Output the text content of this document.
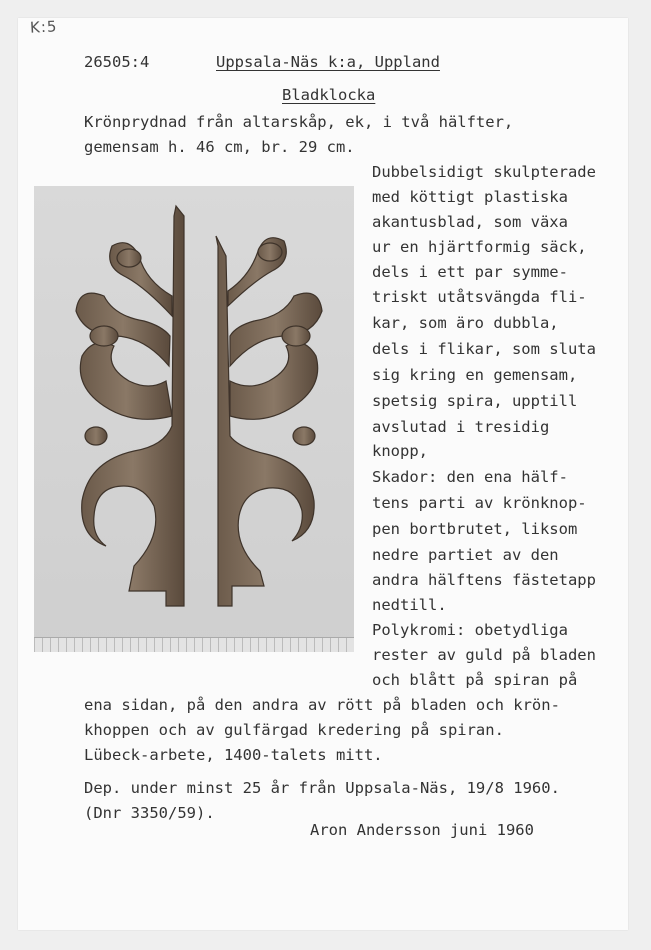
K:5
26505:4	Uppsala-Näs k:a, Uppland
Bladklocka
Krönprydnad från altarskåp, ek, i två hälfter,
gemensam h. 46 cm, br. 29 cm.
Dubbelsidigt skulpterade
med köttigt plastiska
akantusblad, som växa
ur en hjärtformig säck,
dels i ett par symme-
triskt utåtsvängda fli-
kar, som äro dubbla,
dels i flikar, som sluta
sig kring en gemensam,
spetsig spira, upptill
avslutad i tresidig
knopp,
Skador: den ena hälf-
tens parti av krönknop-
pen bortbrutet, liksom
nedre partiet av den
andra hälftens fästetapp
nedtill.
Polykromi: obetydliga
rester av guld på bladen
och blått på spiran på
ena sidan, på den andra av rött på bladen och krön-
khoppen och av gulfärgad kredering på spiran.
Lübeck-arbete, 1400-talets mitt.
Dep. under minst 25 år från Uppsala-Näs, 19/8 1960.
(Dnr 3350/59).
Aron Andersson juni 1960
